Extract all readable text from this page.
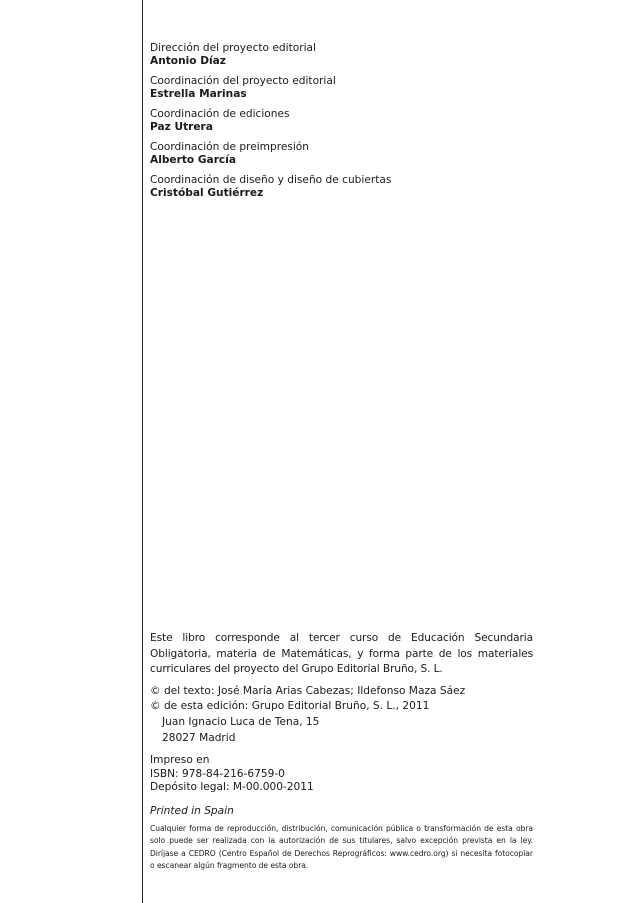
Dirección del proyecto editorial
Antonio Díaz
Coordinación del proyecto editorial
Estrella Marinas
Coordinación de ediciones
Paz Utrera
Coordinación de preimpresión
Alberto García
Coordinación de diseño y diseño de cubiertas
Cristóbal Gutiérrez

Este libro corresponde al tercer curso de Educación Secundaria Obligatoria, materia de Matemáticas, y forma parte de los materiales curriculares del proyecto del Grupo Editorial Bruño, S. L.

© del texto: José María Arias Cabezas; Ildefonso Maza Sáez
© de esta edición: Grupo Editorial Bruño, S. L., 2011
Juan Ignacio Luca de Tena, 15
28027 Madrid
Impreso en
ISBN: 978-84-216-6759-0
Depósito legal: M-00.000-2011
Printed in Spain

Cualquier forma de reproducción, distribución, comunicación pública o transformación de esta obra solo puede ser realizada con la autorización de sus titulares, salvo excepción prevista en la ley. Diríjase a CEDRO (Centro Español de Derechos Reprográficos: www.cedro.org) si necesita fotocopiar o escanear algún fragmento de esta obra.
